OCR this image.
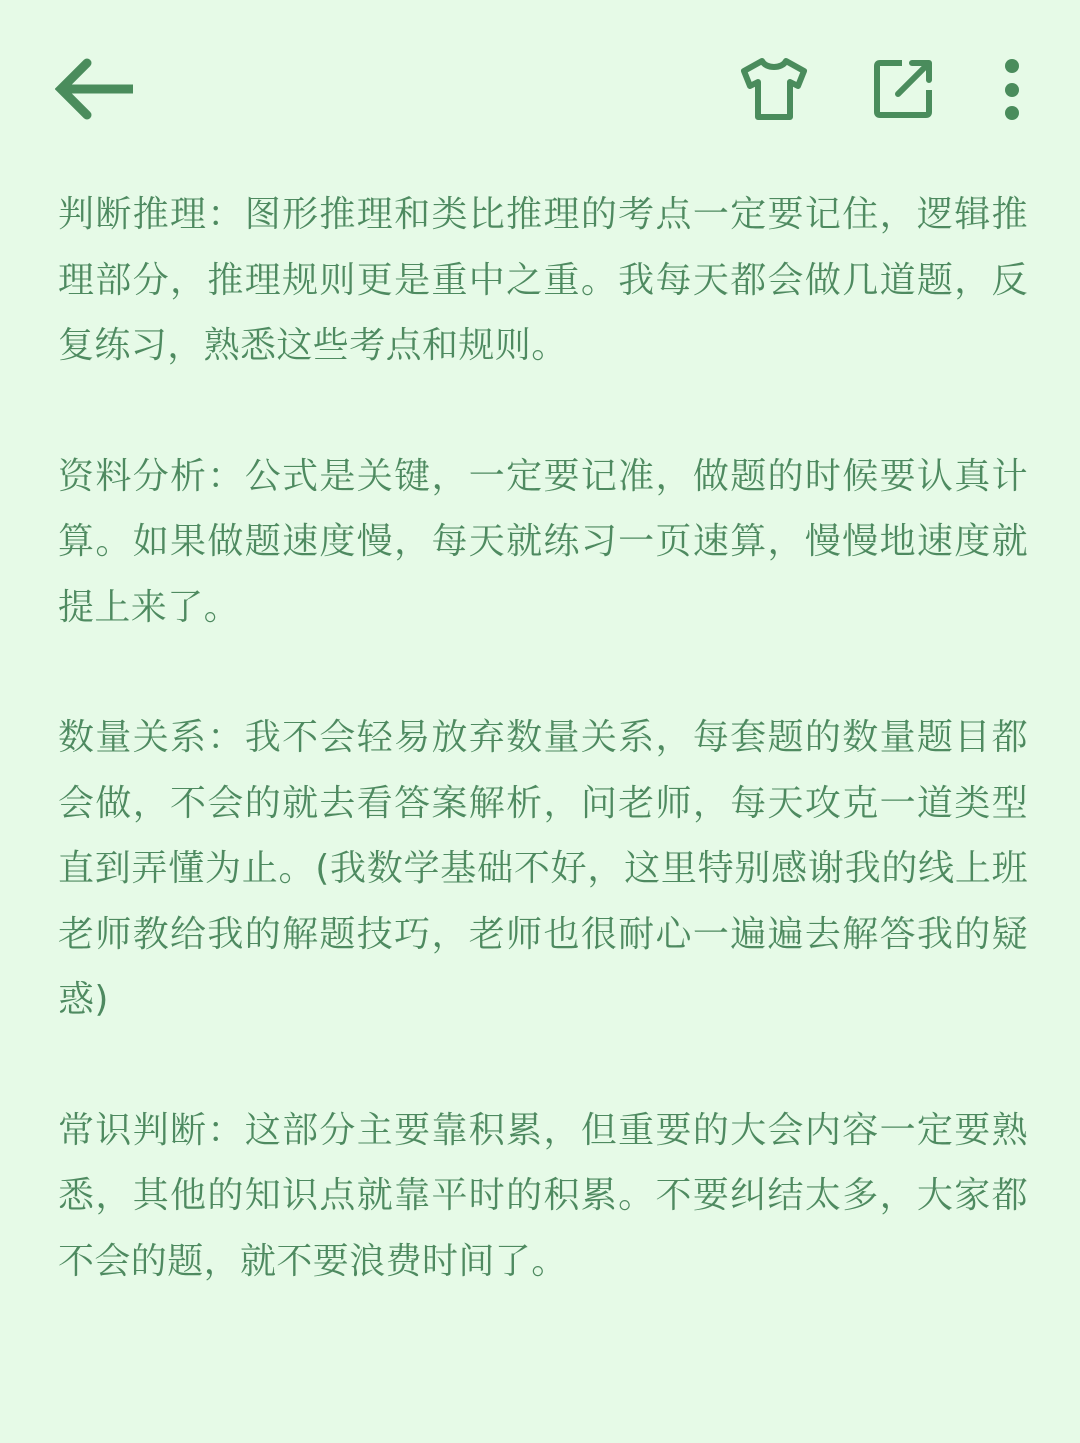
判断推理：图形推理和类比推理的考点一定要记住，逻辑推理部分，推理规则更是重中之重。我每天都会做几道题，反复练习，熟悉这些考点和规则。

资料分析：公式是关键，一定要记准，做题的时候要认真计算。如果做题速度慢，每天就练习一页速算，慢慢地速度就提上来了。

数量关系：我不会轻易放弃数量关系，每套题的数量题目都会做，不会的就去看答案解析，问老师，每天攻克一道类型直到弄懂为止。(我数学基础不好，这里特别感谢我的线上班老师教给我的解题技巧，老师也很耐心一遍遍去解答我的疑惑)

常识判断：这部分主要靠积累，但重要的大会内容一定要熟悉，其他的知识点就靠平时的积累。不要纠结太多，大家都不会的题，就不要浪费时间了。
